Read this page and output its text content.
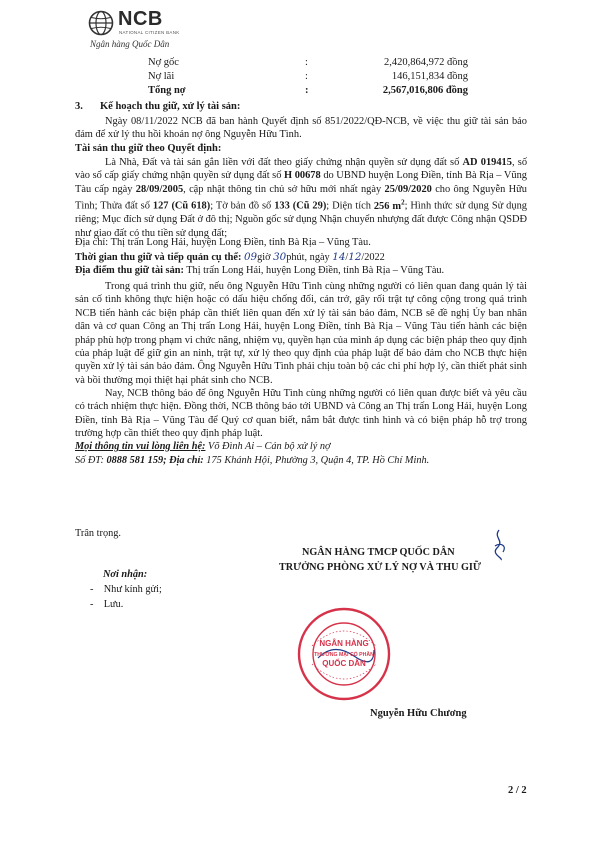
NCB
NATIONAL CITIZEN BANK
Ngân hàng Quốc Dân
Nợ gốc	:	2,420,864,972 đồng
Nợ lãi	:	146,151,834 đồng
Tổng nợ	:	2,567,016,806 đồng
3. Kế hoạch thu giữ, xử lý tài sản:
Ngày 08/11/2022 NCB đã ban hành Quyết định số 851/2022/QĐ-NCB, về việc thu giữ tài sản bảo đảm để xử lý thu hồi khoản nợ ông Nguyễn Hữu Tình.
Tài sản thu giữ theo Quyết định:
Là Nhà, Đất và tài sản gắn liền với đất theo giấy chứng nhận quyền sử dụng đất số AD 019415, số vào sổ cấp giấy chứng nhận quyền sử dụng đất số H 00678 do UBND huyện Long Điền, tỉnh Bà Rịa – Vũng Tàu cấp ngày 28/09/2005, cập nhật thông tin chủ sở hữu mới nhất ngày 25/09/2020 cho ông Nguyễn Hữu Tình; Thửa đất số 127 (Cũ 618); Tờ bản đồ số 133 (Cũ 29); Diện tích 256 $m^2$; Hình thức sử dụng Sử dụng riêng; Mục đích sử dụng Đất ở đô thị; Nguồn gốc sử dụng Nhận chuyển nhượng đất được Công nhận QSDĐ như giao đất có thu tiền sử dụng đất;
Địa chỉ: Thị trấn Long Hải, huyện Long Điền, tỉnh Bà Rịa – Vũng Tàu.
Thời gian thu giữ và tiếp quản cụ thể: 09giờ 30phút, ngày 14/12/2022
Địa điểm thu giữ tài sản: Thị trấn Long Hải, huyện Long Điền, tỉnh Bà Rịa – Vũng Tàu.
Trong quá trình thu giữ, nếu ông Nguyễn Hữu Tình cùng những người có liên quan đang quản lý tài sản cố tình không thực hiện hoặc có dấu hiệu chống đối, cản trở, gây rối trật tự công cộng trong quá trình NCB tiến hành các biện pháp cần thiết liên quan đến xử lý tài sản bảo đảm, NCB sẽ đề nghị Ủy ban nhân dân và cơ quan Công an Thị trấn Long Hải, huyện Long Điền, tỉnh Bà Rịa – Vũng Tàu tiến hành các biện pháp phù hợp trong phạm vi chức năng, nhiệm vụ, quyền hạn của mình áp dụng các biện pháp theo quy định của pháp luật để giữ gìn an ninh, trật tự, xử lý theo quy định của pháp luật để bảo đảm cho NCB thực hiện quyền xử lý tài sản bảo đảm. Ông Nguyễn Hữu Tình phải chịu toàn bộ các chi phí hợp lý, cần thiết phát sinh và bồi thường mọi thiệt hại phát sinh cho NCB.
Nay, NCB thông báo để ông Nguyễn Hữu Tình cùng những người có liên quan được biết và yêu cầu có trách nhiệm thực hiện. Đồng thời, NCB thông báo tới UBND và Công an Thị trấn Long Hải, huyện Long Điền, tỉnh Bà Rịa – Vũng Tàu để Quý cơ quan biết, nắm bắt được tình hình và có biện pháp hỗ trợ trong trường hợp cần thiết theo quy định pháp luật.
Mọi thông tin vui lòng liên hệ: Võ Đình Ai – Cán bộ xử lý nợ
Số ĐT: 0888 581 159; Địa chỉ: 175 Khánh Hội, Phường 3, Quận 4, TP. Hồ Chí Minh.
Trân trọng.
Nơi nhận:
- Như kính gửi;
- Lưu.
NGÂN HÀNG TMCP QUỐC DÂN
TRƯỞNG PHÒNG XỬ LÝ NỢ VÀ THU GIỮ
NGÂN HÀNG
THƯƠNG MẠI CỔ PHẦN
QUỐC DÂN
Nguyễn Hữu Chương
2 / 2
